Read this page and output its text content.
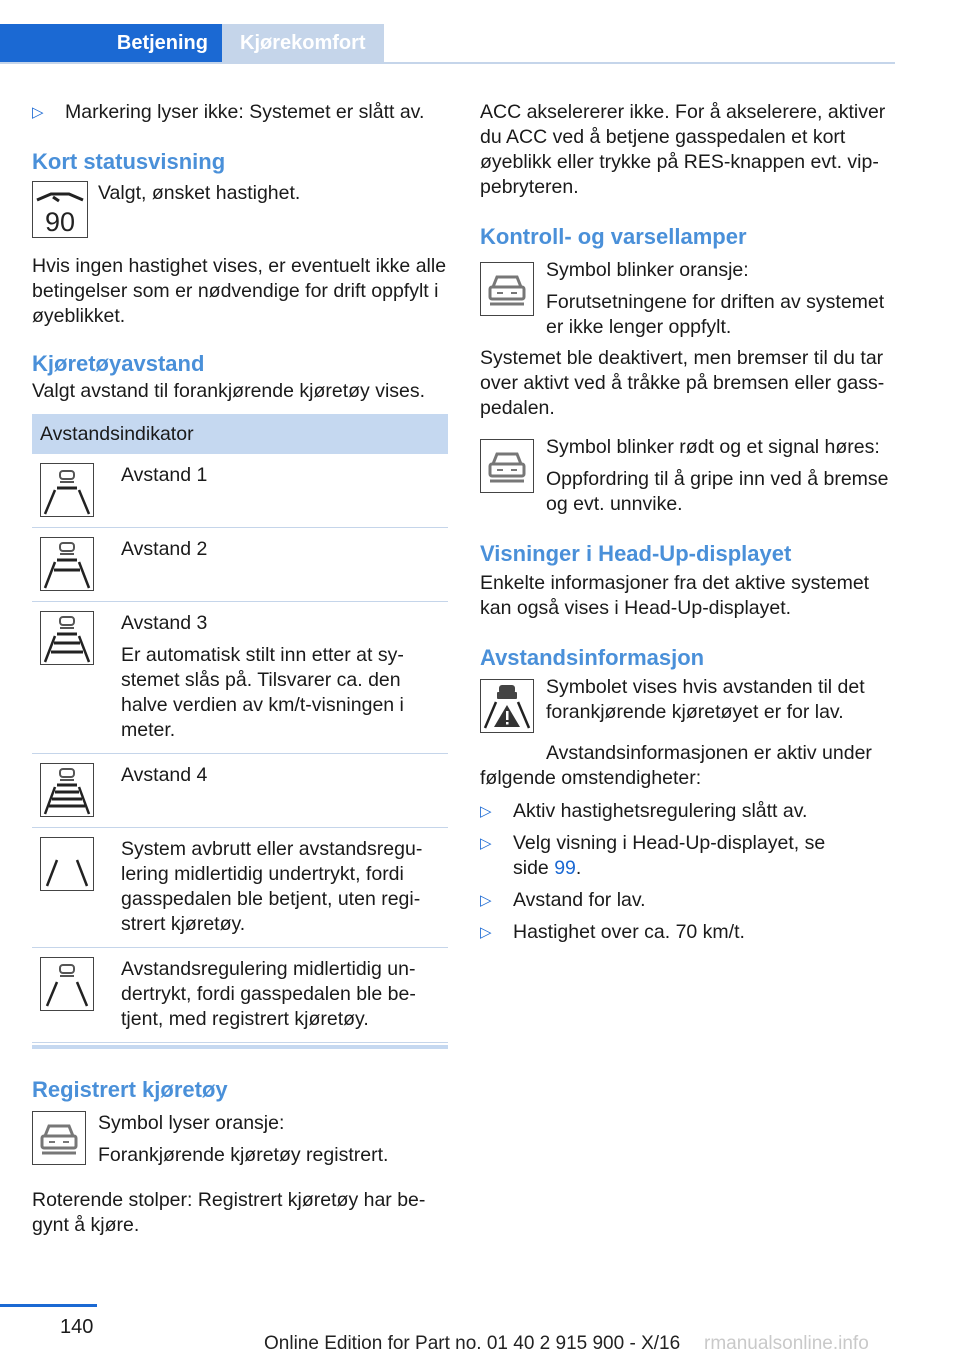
Betjening	Kjørekomfort
▷	Markering lyser ikke: Systemet er slått av.
Kort statusvisning
90

Valgt, ønsket hastighet.

Hvis ingen hastighet vises, er eventuelt ikke alle betingelser som er nødvendige for drift oppfylt i øyeblikket.

Kjøretøyavstand

Valgt avstand til forankjørende kjøretøy vises.

Avstandsindikator

Avstand 1

Avstand 2

Avstand 3

Er automatisk stilt inn etter at systemet slås på. Tilsvarer ca. den halve verdien av km/t-visningen i meter.

Avstand 4

System avbrutt eller avstandsregulering midlertidig undertrykt, fordi gasspedalen ble betjent, uten registrert kjøretøy.

Avstandsregulering midlertidig undertrykt, fordi gasspedalen ble betjent, med registrert kjøretøy.

Registrert kjøretøy

Symbol lyser oransje:

Forankjørende kjøretøy registrert.

Roterende stolper: Registrert kjøretøy har begynt å kjøre.

ACC akselererer ikke. For å akselerere, aktiver du ACC ved å betjene gasspedalen et kort øyeblikk eller trykke på RES-knappen evt. vippebryteren.

Kontroll- og varsellamper

Symbol blinker oransje:

Forutsetningene for driften av systemet er ikke lenger oppfylt.

Systemet ble deaktivert, men bremser til du tar over aktivt ved å tråkke på bremsen eller gasspedalen.

Symbol blinker rødt og et signal høres:

Oppfordring til å gripe inn ved å bremse og evt. unnvike.

Visninger i Head-Up-displayet

Enkelte informasjoner fra det aktive systemet kan også vises i Head-Up-displayet.

Avstandsinformasjon

Symbolet vises hvis avstanden til det forankjørende kjøretøyet er for lav.

Avstandsinformasjonen er aktiv under følgende omstendigheter:

▷	Aktiv hastighetsregulering slått av.
▷	Velg visning i Head-Up-displayet, se
side 99.
▷	Avstand for lav.
▷	Hastighet over ca. 70 km/t.
140
Online Edition for Part no. 01 40 2 915 900 - X/16 rmanualsonline.info
